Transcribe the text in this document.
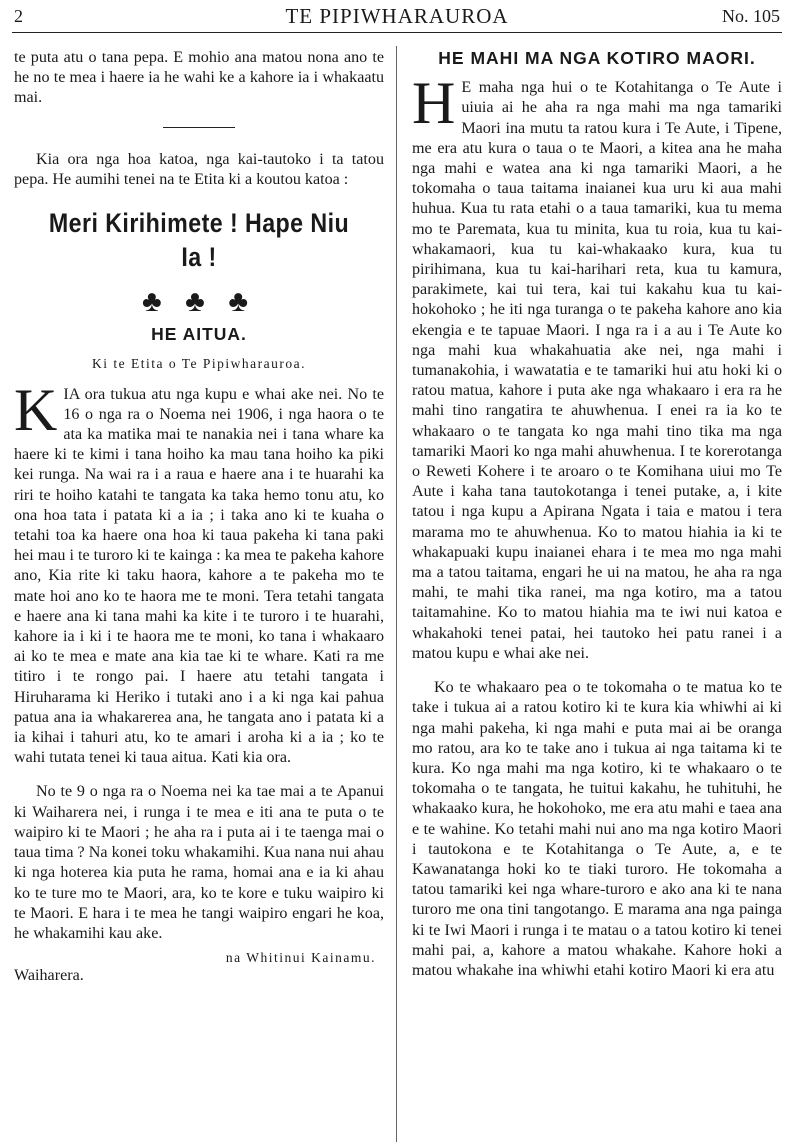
2	TE PIPIWHARAUROA	No. 105

te puta atu o tana pepa. E mohio ana matou nona ano te he no te mea i haere ia he wahi ke a kahore ia i whakaatu mai.

Kia ora nga hoa katoa, nga kai-tautoko i ta tatou pepa. He aumihi tenei na te Etita ki a koutou katoa :

Meri Kirihimete ! Hape Niu Ia !
♣ ♣ ♣
HE AITUA.
Ki te Etita o Te Pipiwharauroa.

KIA ora tukua atu nga kupu e whai ake nei. No te 16 o nga ra o Noema nei 1906, i nga haora o te ata ka matika mai te nanakia nei i tana whare ka haere ki te kimi i tana hoiho ka mau tana hoiho ka piki kei runga. Na wai ra i a raua e haere ana i te huarahi ka riri te hoiho katahi te tangata ka taka hemo tonu atu, ko ona hoa tata i patata ki a ia ; i taka ano ki te kuaha o tetahi toa ka haere ona hoa ki taua pakeha ki tana paki hei mau i te turoro ki te kainga : ka mea te pakeha kahore ano, Kia rite ki taku haora, kahore a te pakeha mo te mate hoi ano ko te haora me te moni. Tera tetahi tangata e haere ana ki tana mahi ka kite i te turoro i te huarahi, kahore ia i ki i te haora me te moni, ko tana i whakaaro ai ko te mea e mate ana kia tae ki te whare. Kati ra me titiro i te rongo pai. I haere atu tetahi tangata i Hiruharama ki Heriko i tutaki ano i a ki nga kai pahua patua ana ia whakarerea ana, he tangata ano i patata ki a ia kihai i tahuri atu, ko te amari i aroha ki a ia ; ko te wahi tutata tenei ki taua aitua. Kati kia ora.

No te 9 o nga ra o Noema nei ka tae mai a te Apanui ki Waiharera nei, i runga i te mea e iti ana te puta o te waipiro ki te Maori ; he aha ra i puta ai i te taenga mai o taua tima ? Na konei toku whakamihi. Kua nana nui ahau ki nga hoterea kia puta he rama, homai ana e ia ki ahau ko te ture mo te Maori, ara, ko te kore e tuku waipiro ki te Maori. E hara i te mea he tangi waipiro engari he koa, he whakamihi kau ake.

na Whitinui Kainamu.

Waiharera.

HE MAHI MA NGA KOTIRO MAORI.

H E maha nga hui o te Kotahitanga o Te Aute i uiuia ai he aha ra nga mahi ma nga tamariki Maori ina mutu ta ratou kura i Te Aute, i Tipene, me era atu kura o taua o te Maori, a kitea ana he maha nga mahi e watea ana ki nga tamariki Maori, a he tokomaha o taua taitama inaianei kua uru ki aua mahi huhua. Kua tu rata etahi o a taua tamariki, kua tu mema mo te Paremata, kua tu minita, kua tu roia, kua tu kai-whakamaori, kua tu kai-whakaako kura, kua tu pirihimana, kua tu kai-harihari reta, kua tu kamura, parakimete, kai tui tera, kai tui kakahu kua tu kai-hokohoko ; he iti nga turanga o te pakeha kahore ano kia ekengia e te tapuae Maori. I nga ra i a au i Te Aute ko nga mahi kua whakahuatia ake nei, nga mahi i tumanakohia, i wawatatia e te tamariki hui atu hoki ki o ratou matua, kahore i puta ake nga whakaaro i era ra he mahi tino rangatira te ahuwhenua. I enei ra ia ko te whakaaro o te tangata ko nga mahi tino tika ma nga tamariki Maori ko nga mahi ahuwhenua. I te korerotanga o Reweti Kohere i te aroaro o te Komihana uiui mo Te Aute i kaha tana tautokotanga i tenei putake, a, i kite tatou i nga kupu a Apirana Ngata i taia e matou i tera marama mo te ahuwhenua. Ko to matou hiahia ia ki te whakapuaki kupu inaianei ehara i te mea mo nga mahi ma a tatou taitama, engari he ui na matou, he aha ra nga mahi, te mahi tika ranei, ma nga kotiro, ma a tatou taitamahine. Ko to matou hiahia ma te iwi nui katoa e whakahoki tenei patai, hei tautoko hei patu ranei i a matou kupu e whai ake nei.

Ko te whakaaro pea o te tokomaha o te matua ko te take i tukua ai a ratou kotiro ki te kura kia whiwhi ai ki nga mahi pakeha, ki nga mahi e puta mai ai be oranga mo ratou, ara ko te take ano i tukua ai nga taitama ki te kura. Ko nga mahi ma nga kotiro, ki te whakaaro o te tokomaha o te tangata, he tuitui kakahu, he tuhituhi, he whakaako kura, he hokohoko, me era atu mahi e taea ana e te wahine. Ko tetahi mahi nui ano ma nga kotiro Maori i tautokona e te Kotahitanga o Te Aute, a, e te Kawanatanga hoki ko te tiaki turoro. He tokomaha a tatou tamariki kei nga whare-turoro e ako ana ki te nana turoro me ona tini tangotango. E marama ana nga painga ki te Iwi Maori i runga i te matau o a tatou kotiro ki tenei mahi pai, a, kahore a matou whakahe. Kahore hoki a matou whakahe ina whiwhi etahi kotiro Maori ki era atu
